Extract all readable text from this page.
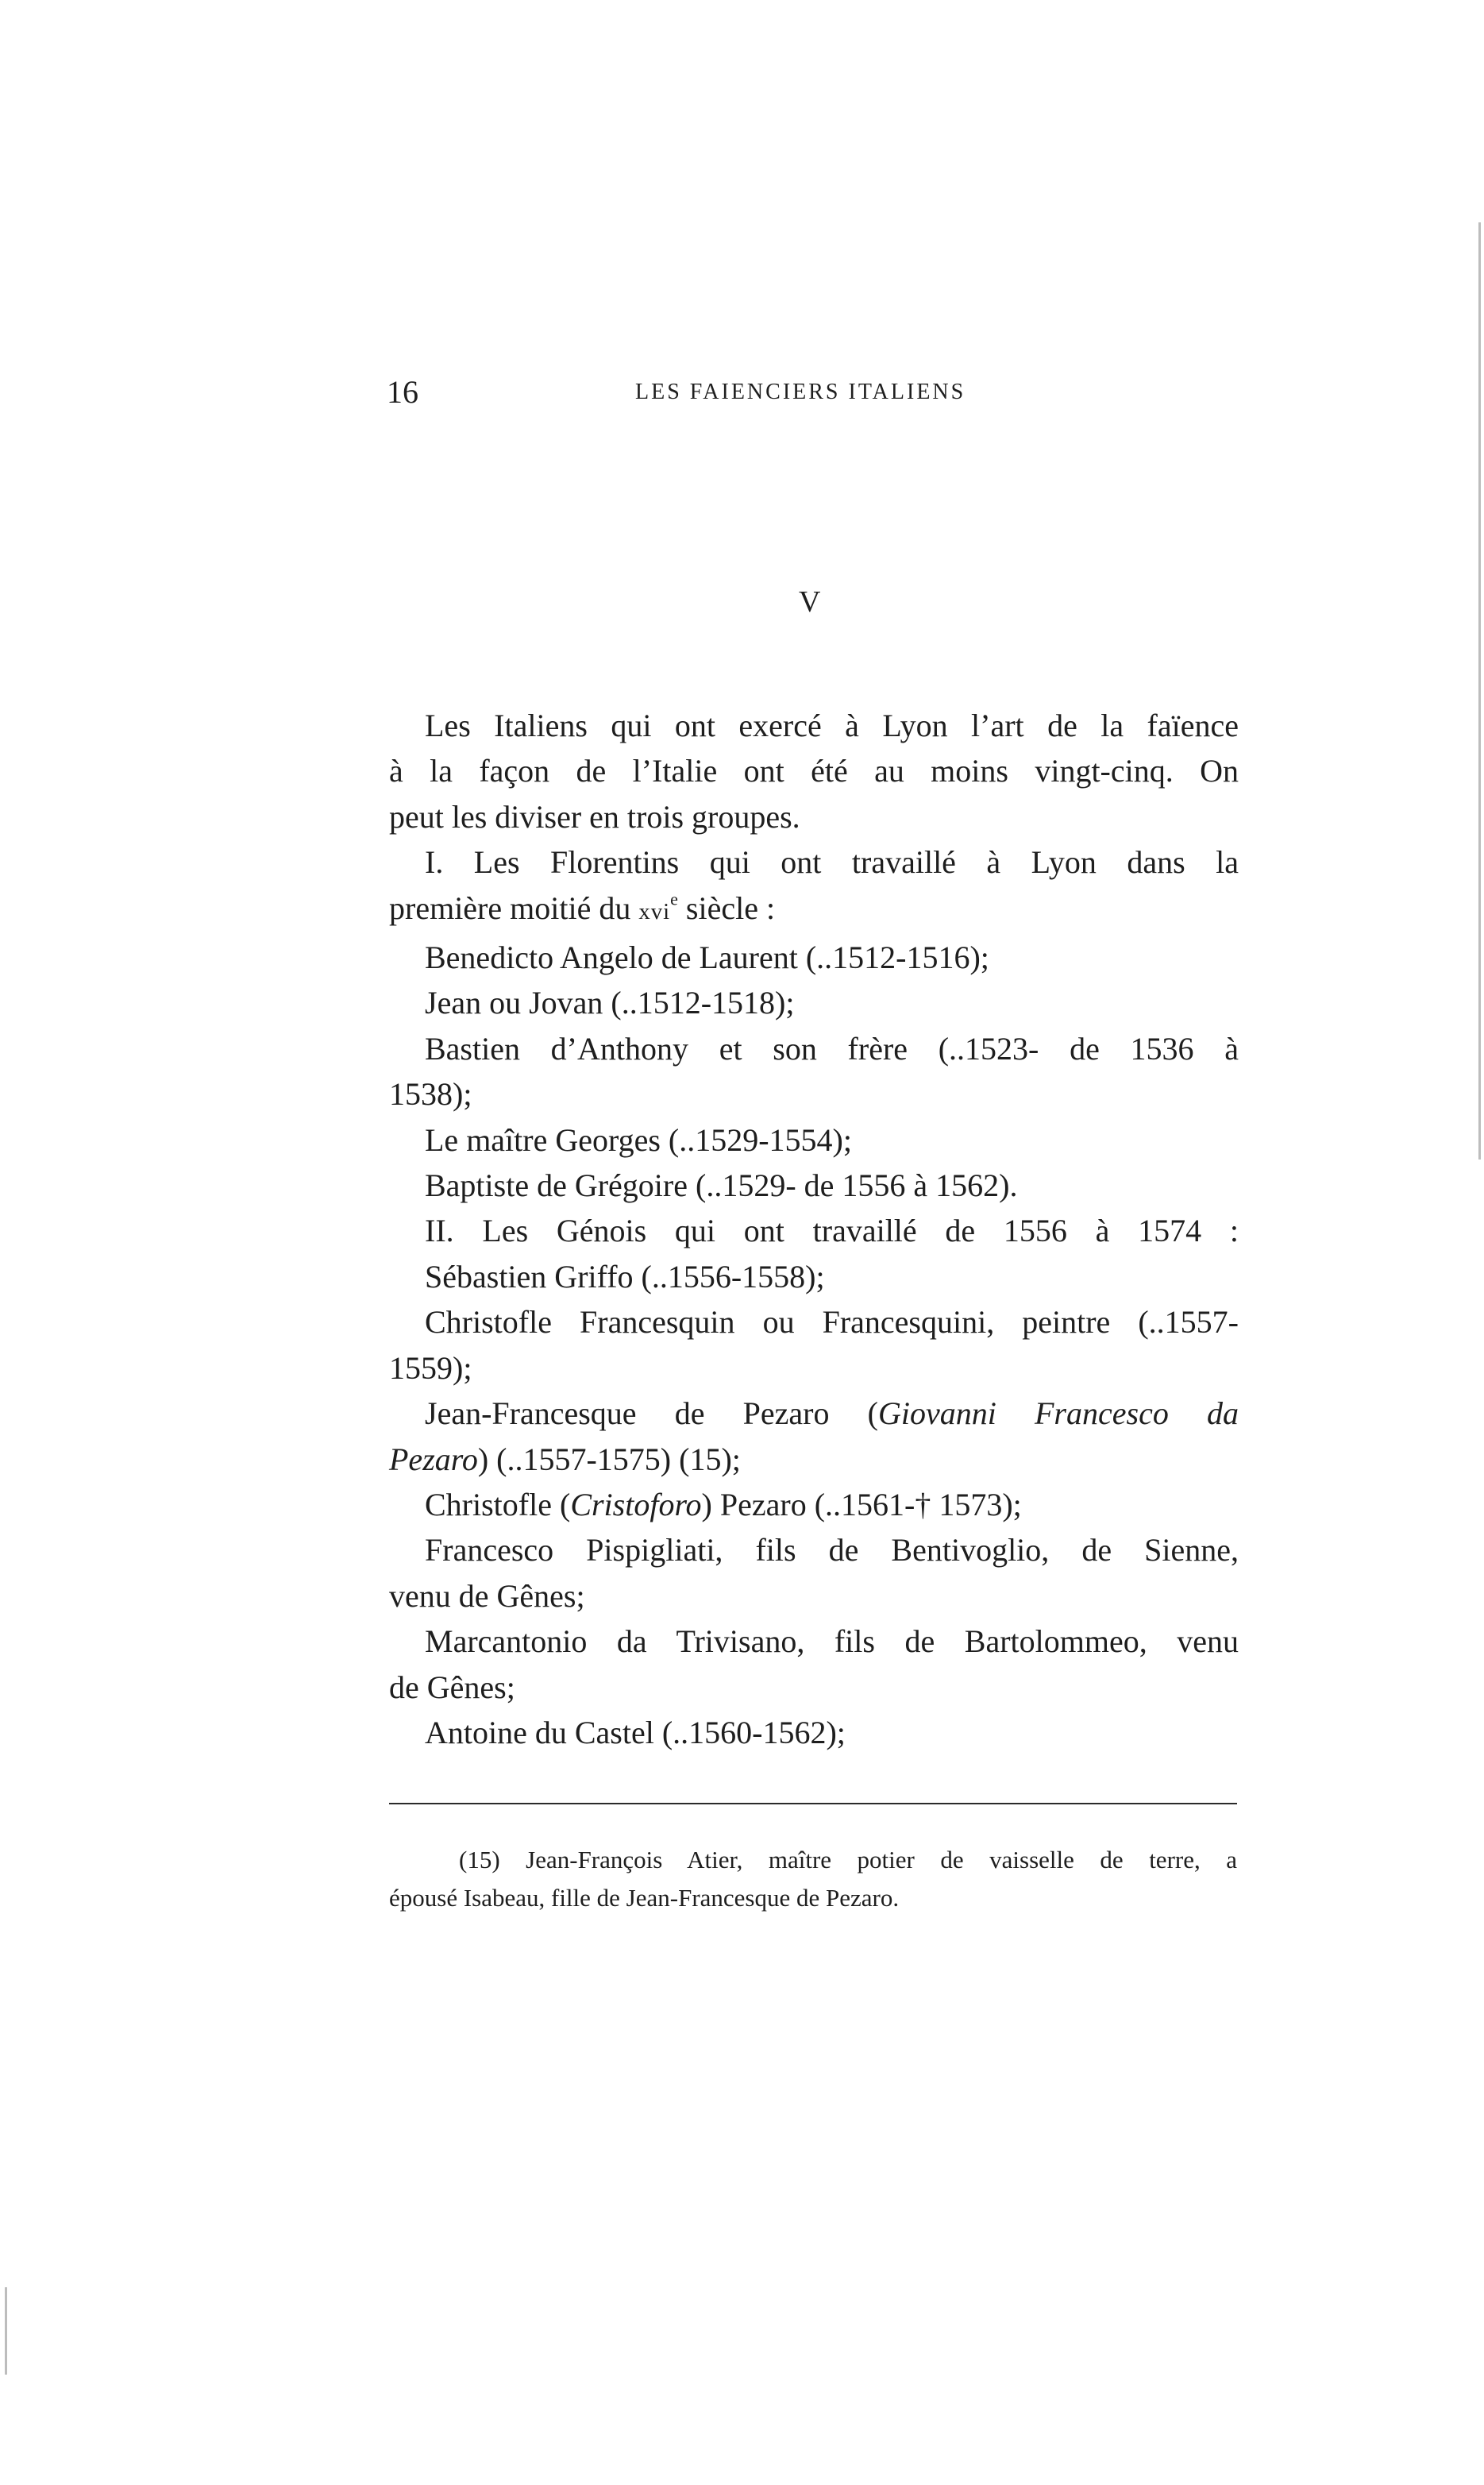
16	LES FAIENCIERS ITALIENS
V
Les Italiens qui ont exercé à Lyon l’art de la faïence
à la façon de l’Italie ont été au moins vingt-cinq. On
peut les diviser en trois groupes.
I. Les Florentins qui ont travaillé à Lyon dans la
première moitié du xvi$^e$ siècle :
Benedicto Angelo de Laurent (..1512-1516);
Jean ou Jovan (..1512-1518);
Bastien d’Anthony et son frère (..1523- de 1536 à
1538);
Le maître Georges (..1529-1554);
Baptiste de Grégoire (..1529- de 1556 à 1562).
II. Les Génois qui ont travaillé de 1556 à 1574 :
Sébastien Griffo (..1556-1558);
Christofle Francesquin ou Francesquini, peintre (..1557-
1559);
Jean-Francesque de Pezaro (Giovanni Francesco da
Pezaro) (..1557-1575) (15);
Christofle (Cristoforo) Pezaro (..1561-† 1573);
Francesco Pispigliati, fils de Bentivoglio, de Sienne,
venu de Gênes;
Marcantonio da Trivisano, fils de Bartolommeo, venu
de Gênes;
Antoine du Castel (..1560-1562);
(15) Jean-François Atier, maître potier de vaisselle de terre, a
épousé Isabeau, fille de Jean-Francesque de Pezaro.
